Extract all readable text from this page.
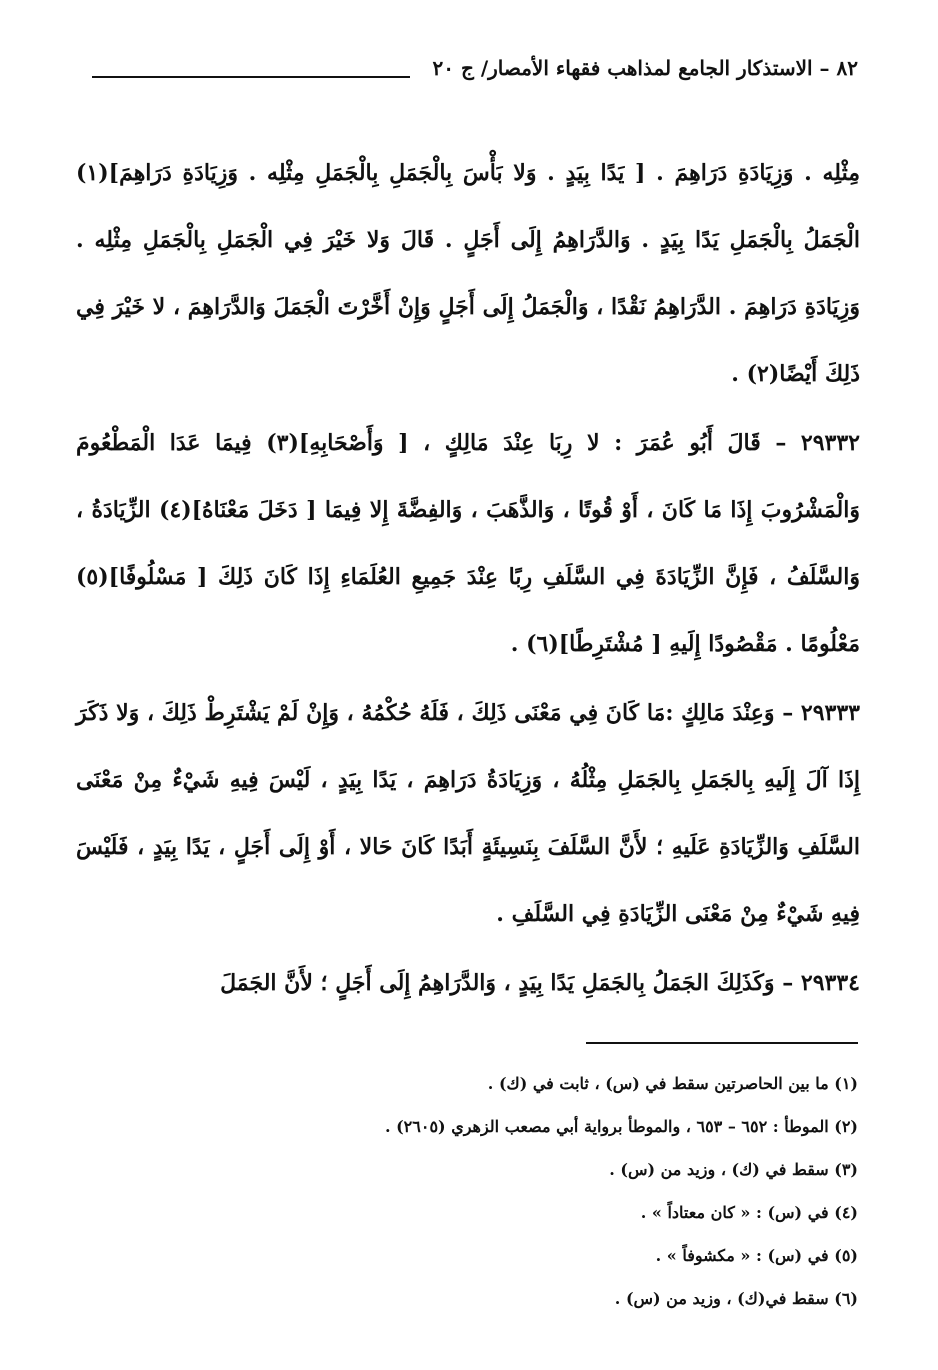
٨٢ – الاستذكار الجامع لمذاهب فقهاء الأمصار/ ج ٢٠

مِثْلِه . وَزِيَادَةِ دَرَاهِمَ . [ يَدًا بِيَدٍ . وَلا بَأْسَ بِالْجَمَلِ بِالْجَمَلِ مِثْلِه . وَزِيَادَةِ دَرَاهِمَ](١) الْجَمَلُ بِالْجَمَلِ يَدًا بِيَدٍ . وَالدَّرَاهِمُ إِلَى أَجَلٍ . قَالَ وَلا خَيْرَ فِي الْجَمَلِ بِالْجَمَلِ مِثْلِه . وَزِيَادَةِ دَرَاهِمَ . الدَّرَاهِمُ نَقْدًا ، وَالْجَمَلُ إِلَى أَجَلٍ وَإِنْ أَخَّرْتَ الْجَمَلَ وَالدَّرَاهِمَ ، لا خَيْرَ فِي ذَلِكَ أَيْضًا(٢) .

٢٩٣٣٢ – قَالَ أَبُو عُمَرَ : لا رِبَا عِنْدَ مَالِكٍ ، [ وَأَصْحَابِهِ](٣) فِيمَا عَدَا الْمَطْعُومَ وَالْمَشْرُوبَ إِذَا مَا كَانَ ، أَوْ قُوتًا ، وَالذَّهَبَ ، وَالفِضَّةَ إِلا فِيمَا [ دَخَلَ مَعْنَاهُ](٤) الزِّيَادَةُ ، وَالسَّلَفُ ، فَإِنَّ الزِّيَادَةَ فِي السَّلَفِ رِبًا عِنْدَ جَمِيعِ العُلَمَاءِ إِذَا كَانَ ذَلِكَ [ مَسْلُوفًا](٥) مَعْلُومًا . مَقْصُودًا إِلَيهِ [ مُشْتَرِطًا](٦) .

٢٩٣٣٣ – وَعِنْدَ مَالِكٍ :مَا كَانَ فِي مَعْنَى ذَلِكَ ، فَلَهُ حُكْمُهُ ، وَإِنْ لَمْ يَشْتَرِطْ ذَلِكَ ، وَلا ذَكَرَ إِذَا آلَ إِلَيهِ بِالجَمَلِ بِالجَمَلِ مِثْلُهُ ، وَزِيَادَةُ دَرَاهِمَ ، يَدًا بِيَدٍ ، لَيْسَ فِيهِ شَيْءٌ مِنْ مَعْنَى السَّلَفِ وَالزِّيَادَةِ عَلَيهِ ؛ لأَنَّ السَّلَفَ بِنَسِيئَةٍ أَبَدًا كَانَ حَالا ، أَوْ إِلَى أَجَلٍ ، يَدًا بِيَدٍ ، فَلَيْسَ فِيهِ شَيْءٌ مِنْ مَعْنَى الزِّيَادَةِ فِي السَّلَفِ .

٢٩٣٣٤ – وَكَذَلِكَ الجَمَلُ بِالجَمَلِ يَدًا بِيَدٍ ، وَالدَّرَاهِمُ إِلَى أَجَلٍ ؛ لأَنَّ الجَمَلَ

(١) ما بين الحاصرتين سقط في (س) ، ثابت في (ك) .
(٢) الموطأ : ٦٥٢ – ٦٥٣ ، والموطأ برواية أبي مصعب الزهري (٢٦٠٥) .
(٣) سقط في (ك) ، وزيد من (س) .
(٤) في (س) : « كان معتاداً » .
(٥) في (س) : « مكشوفاً » .
(٦) سقط في(ك) ، وزيد من (س) .
